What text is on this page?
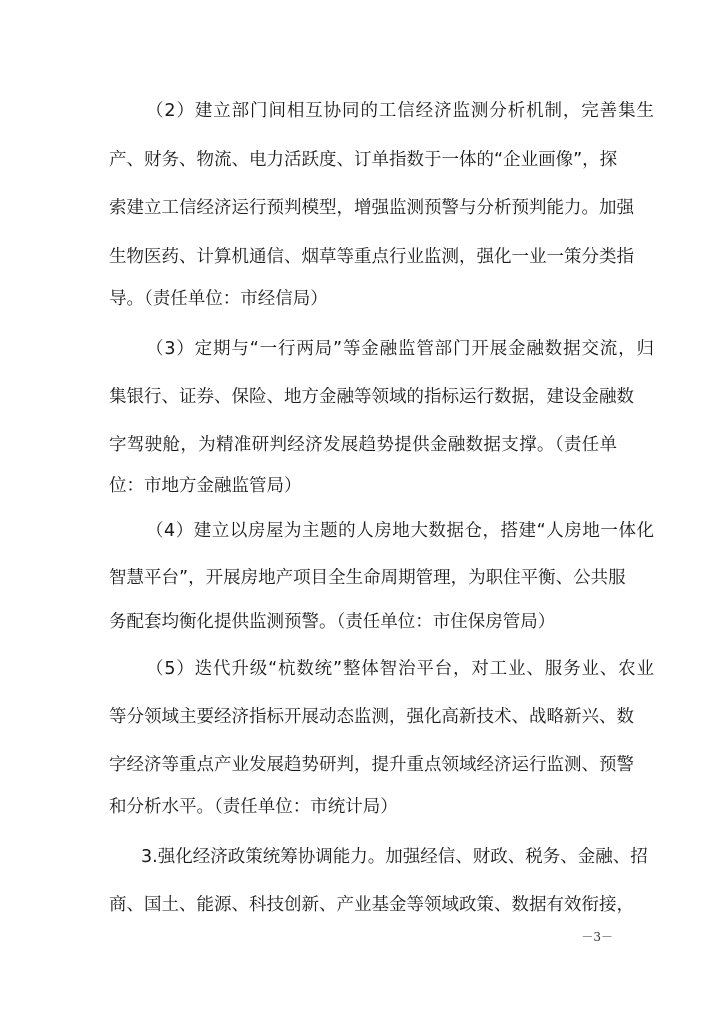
（2）建立部门间相互协同的工信经济监测分析机制，完善集生
产、财务、物流、电力活跃度、订单指数于一体的“企业画像”，探
索建立工信经济运行预判模型，增强监测预警与分析预判能力。加强
生物医药、计算机通信、烟草等重点行业监测，强化一业一策分类指
导。（责任单位：市经信局）
（3）定期与“一行两局”等金融监管部门开展金融数据交流，归
集银行、证券、保险、地方金融等领域的指标运行数据，建设金融数
字驾驶舱，为精准研判经济发展趋势提供金融数据支撑。（责任单
位：市地方金融监管局）
（4）建立以房屋为主题的人房地大数据仓，搭建“人房地一体化
智慧平台”，开展房地产项目全生命周期管理，为职住平衡、公共服
务配套均衡化提供监测预警。（责任单位：市住保房管局）
（5）迭代升级“杭数统”整体智治平台，对工业、服务业、农业
等分领域主要经济指标开展动态监测，强化高新技术、战略新兴、数
字经济等重点产业发展趋势研判，提升重点领域经济运行监测、预警
和分析水平。（责任单位：市统计局）
3.强化经济政策统筹协调能力。加强经信、财政、税务、金融、招
商、国土、能源、科技创新、产业基金等领域政策、数据有效衔接，
－3－
